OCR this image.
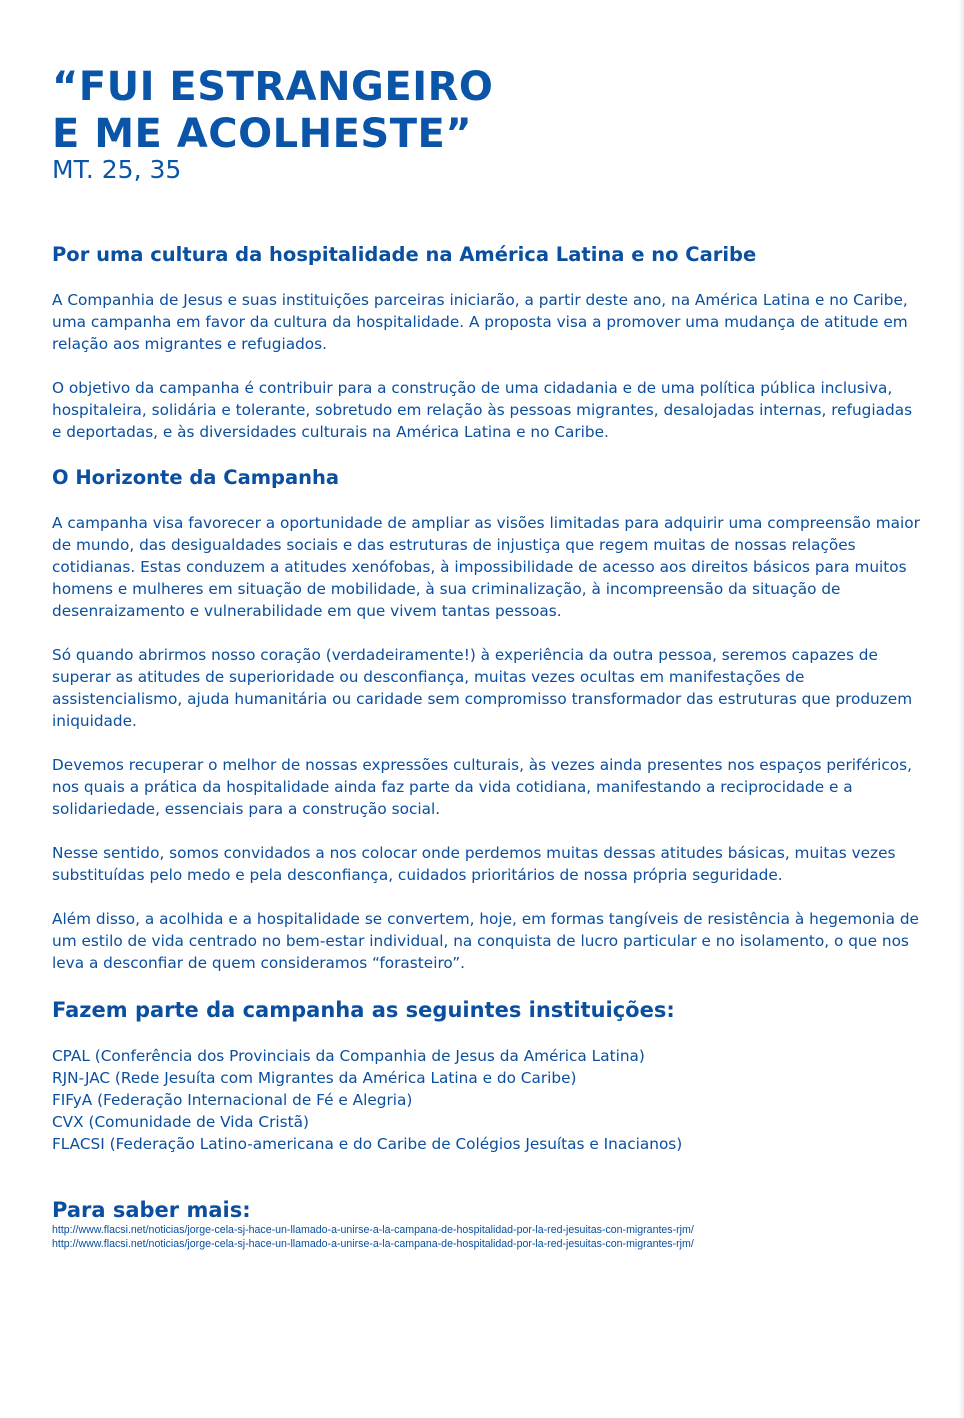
“FUI ESTRANGEIRO
E ME ACOLHESTE”
MT. 25, 35
Por uma cultura da hospitalidade na América Latina e no Caribe

A Companhia de Jesus e suas instituições parceiras iniciarão, a partir deste ano, na América Latina e no Caribe, uma campanha em favor da cultura da hospitalidade. A proposta visa a promover uma mudança de atitude em relação aos migrantes e refugiados.

O objetivo da campanha é contribuir para a construção de uma cidadania e de uma política pública inclusiva, hospitaleira, solidária e tolerante, sobretudo em relação às pessoas migrantes, desalojadas internas, refugiadas e deportadas, e às diversidades culturais na América Latina e no Caribe.

O Horizonte da Campanha

A campanha visa favorecer a oportunidade de ampliar as visões limitadas para adquirir uma compreensão maior de mundo, das desigualdades sociais e das estruturas de injustiça que regem muitas de nossas relações cotidianas. Estas conduzem a atitudes xenófobas, à impossibilidade de acesso aos direitos básicos para muitos homens e mulheres em situação de mobilidade, à sua criminalização, à incompreensão da situação de desenraizamento e vulnerabilidade em que vivem tantas pessoas.

Só quando abrirmos nosso coração (verdadeiramente!) à experiência da outra pessoa, seremos capazes de superar as atitudes de superioridade ou desconfiança, muitas vezes ocultas em manifestações de assistencialismo, ajuda humanitária ou caridade sem compromisso transformador das estruturas que produzem iniquidade.

Devemos recuperar o melhor de nossas expressões culturais, às vezes ainda presentes nos espaços periféricos, nos quais a prática da hospitalidade ainda faz parte da vida cotidiana, manifestando a reciprocidade e a solidariedade, essenciais para a construção social.

Nesse sentido, somos convidados a nos colocar onde perdemos muitas dessas atitudes básicas, muitas vezes substituídas pelo medo e pela desconfiança, cuidados prioritários de nossa própria seguridade.

Além disso, a acolhida e a hospitalidade se convertem, hoje, em formas tangíveis de resistência à hegemonia de um estilo de vida centrado no bem-estar individual, na conquista de lucro particular e no isolamento, o que nos leva a desconfiar de quem consideramos “forasteiro”.

Fazem parte da campanha as seguintes instituições:
CPAL (Conferência dos Provinciais da Companhia de Jesus da América Latina)
RJN-JAC (Rede Jesuíta com Migrantes da América Latina e do Caribe)
FIFyA (Federação Internacional de Fé e Alegria)
CVX (Comunidade de Vida Cristã)
FLACSI (Federação Latino-americana e do Caribe de Colégios Jesuítas e Inacianos)
Para saber mais:
http://www.flacsi.net/noticias/jorge-cela-sj-hace-un-llamado-a-unirse-a-la-campana-de-hospitalidad-por-la-red-jesuitas-con-migrantes-rjm/
http://www.flacsi.net/noticias/jorge-cela-sj-hace-un-llamado-a-unirse-a-la-campana-de-hospitalidad-por-la-red-jesuitas-con-migrantes-rjm/
